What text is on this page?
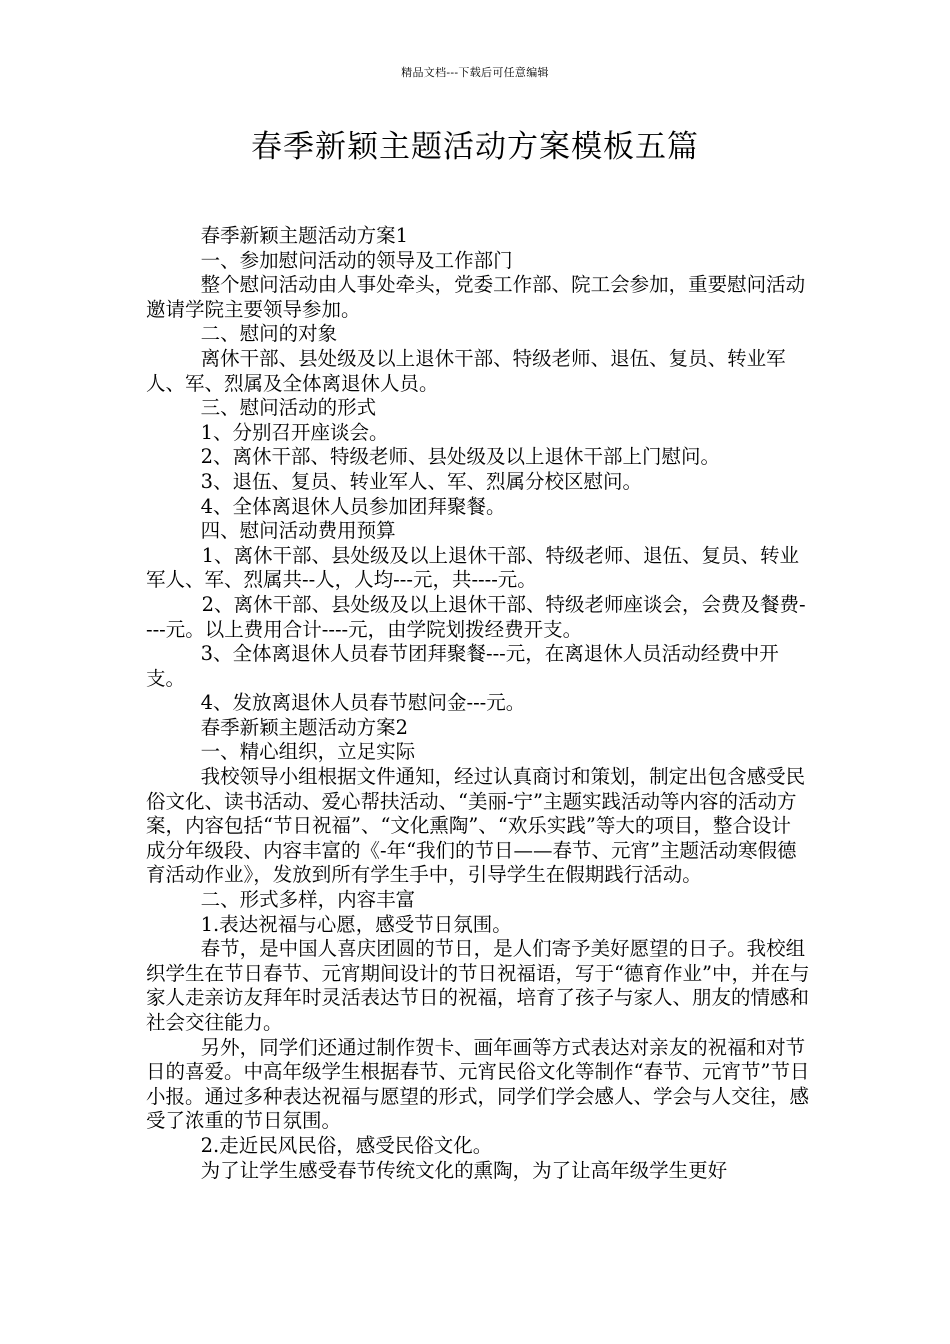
精品文档---下载后可任意编辑
春季新颖主题活动方案模板五篇

春季新颖主题活动方案1

一、参加慰问活动的领导及工作部门

整个慰问活动由人事处牵头，党委工作部、院工会参加，重要慰问活动邀请学院主要领导参加。

二、慰问的对象

离休干部、县处级及以上退休干部、特级老师、退伍、复员、转业军人、军、烈属及全体离退休人员。

三、慰问活动的形式

1、分别召开座谈会。

2、离休干部、特级老师、县处级及以上退休干部上门慰问。

3、退伍、复员、转业军人、军、烈属分校区慰问。

4、全体离退休人员参加团拜聚餐。

四、慰问活动费用预算

1、离休干部、县处级及以上退休干部、特级老师、退伍、复员、转业军人、军、烈属共--人，人均---元，共----元。

2、离休干部、县处级及以上退休干部、特级老师座谈会，会费及餐费----元。以上费用合计----元，由学院划拨经费开支。

3、全体离退休人员春节团拜聚餐---元，在离退休人员活动经费中开支。

4、发放离退休人员春节慰问金---元。

春季新颖主题活动方案2

一、精心组织，立足实际

我校领导小组根据文件通知，经过认真商讨和策划，制定出包含感受民俗文化、读书活动、爱心帮扶活动、“美丽-宁”主题实践活动等内容的活动方案，内容包括“节日祝福”、“文化熏陶”、“欢乐实践”等大的项目，整合设计成分年级段、内容丰富的《-年“我们的节日——春节、元宵”主题活动寒假德育活动作业》，发放到所有学生手中，引导学生在假期践行活动。

二、形式多样，内容丰富

1.表达祝福与心愿，感受节日氛围。

春节，是中国人喜庆团圆的节日，是人们寄予美好愿望的日子。我校组织学生在节日春节、元宵期间设计的节日祝福语，写于“德育作业”中，并在与家人走亲访友拜年时灵活表达节日的祝福，培育了孩子与家人、朋友的情感和社会交往能力。

另外，同学们还通过制作贺卡、画年画等方式表达对亲友的祝福和对节日的喜爱。中高年级学生根据春节、元宵民俗文化等制作“春节、元宵节”节日小报。通过多种表达祝福与愿望的形式，同学们学会感人、学会与人交往，感受了浓重的节日氛围。

2.走近民风民俗，感受民俗文化。

为了让学生感受春节传统文化的熏陶，为了让高年级学生更好
